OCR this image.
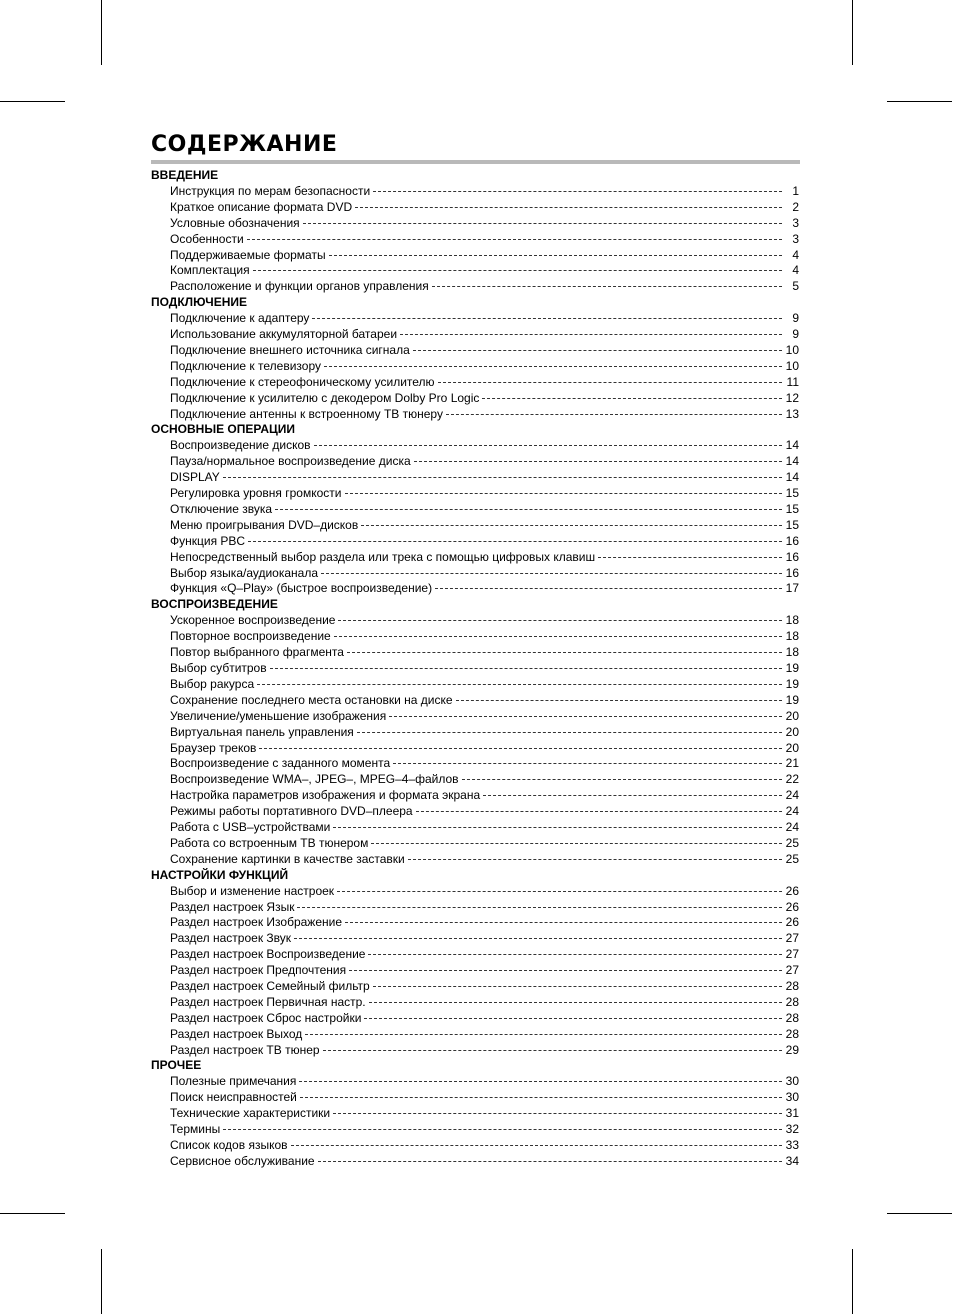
СОДЕРЖАНИЕ
ВВЕДЕНИЕ
Инструкция по мерам безопасности	1
Краткое описание формата DVD	2
Условные обозначения	3
Особенности	3
Поддерживаемые форматы	4
Комплектация	4
Расположение и функции органов управления	5
ПОДКЛЮЧЕНИЕ
Подключение к адаптеру	9
Использование аккумуляторной батареи	9
Подключение внешнего источника сигнала	10
Подключение к телевизору	10
Подключение к стереофоническому усилителю	11
Подключение к усилителю с декодером Dolby Pro Logic	12
Подключение антенны к встроенному ТВ тюнеру	13
ОСНОВНЫЕ ОПЕРАЦИИ
Воспроизведение дисков	14
Пауза/нормальное воспроизведение диска	14
DISPLAY	14
Регулировка уровня громкости	15
Отключение звука	15
Меню проигрывания DVD–дисков	15
Функция PBC	16
Непосредственный выбор раздела или трека с помощью цифровых клавиш	16
Выбор языка/аудиоканала	16
Функция «Q–Play» (быстрое воспроизведение)	17
ВОСПРОИЗВЕДЕНИЕ
Ускоренное воспроизведение	18
Повторное воспроизведение	18
Повтор выбранного фрагмента	18
Выбор субтитров	19
Выбор ракурса	19
Сохранение последнего места остановки на диске	19
Увеличение/уменьшение изображения	20
Виртуальная панель управления	20
Браузер треков	20
Воспроизведение с заданного момента	21
Воспроизведение WMA–, JPEG–, MPEG–4–файлов	22
Настройка параметров изображения и формата экрана	24
Режимы работы портативного DVD–плеера	24
Работа с USB–устройствами	24
Работа со встроенным ТВ тюнером	25
Сохранение картинки в качестве заставки	25
НАСТРОЙКИ ФУНКЦИЙ
Выбор и изменение настроек	26
Раздел настроек Язык	26
Раздел настроек Изображение	26
Раздел настроек Звук	27
Раздел настроек Воспроизведение	27
Раздел настроек Предпочтения	27
Раздел настроек Семейный фильтр	28
Раздел настроек Первичная настр.	28
Раздел настроек Сброс настройки	28
Раздел настроек Выход	28
Раздел настроек ТВ тюнер	29
ПРОЧЕЕ
Полезные примечания	30
Поиск неисправностей	30
Технические характеристики	31
Термины	32
Список кодов языков	33
Сервисное обслуживание	34
